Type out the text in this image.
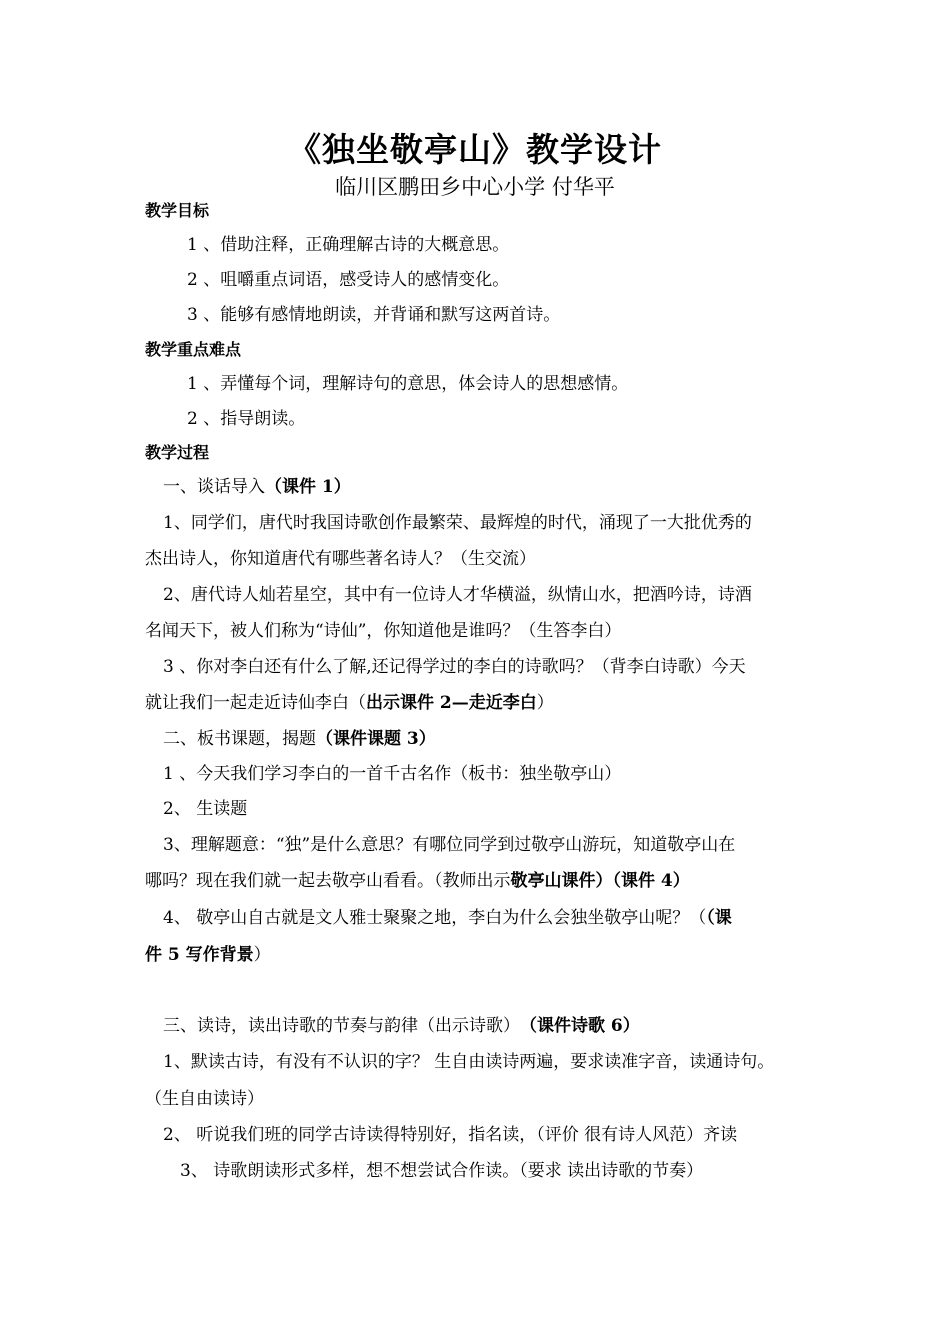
《独坐敬亭山》教学设计
临川区鹏田乡中心小学 付华平
教学目标
1 、借助注释，正确理解古诗的大概意思。
2 、咀嚼重点词语，感受诗人的感情变化。
3 、能够有感情地朗读，并背诵和默写这两首诗。
教学重点难点
1 、弄懂每个词，理解诗句的意思，体会诗人的思想感情。
2 、指导朗读。
教学过程
一、谈话导入（课件 1）
1、同学们，唐代时我国诗歌创作最繁荣、最辉煌的时代，涌现了一大批优秀的
杰出诗人，你知道唐代有哪些著名诗人？（生交流）
2、唐代诗人灿若星空，其中有一位诗人才华横溢，纵情山水，把酒吟诗，诗酒
名闻天下，被人们称为“诗仙”，你知道他是谁吗？（生答李白）
3 、你对李白还有什么了解,还记得学过的李白的诗歌吗？（背李白诗歌）今天
就让我们一起走近诗仙李白（出示课件 2—走近李白）
二、板书课题，揭题（课件课题 3）
1 、今天我们学习李白的一首千古名作（板书：独坐敬亭山）
2、 生读题
3、理解题意：“独”是什么意思？有哪位同学到过敬亭山游玩，知道敬亭山在
哪吗？现在我们就一起去敬亭山看看。（教师出示敬亭山课件）（课件 4）
4、 敬亭山自古就是文人雅士聚聚之地，李白为什么会独坐敬亭山呢？（（课
件 5 写作背景）
三、读诗，读出诗歌的节奏与韵律（出示诗歌）　（课件诗歌 6）
1、默读古诗，有没有不认识的字？ 生自由读诗两遍，要求读准字音，读通诗句。
（生自由读诗）
2、 听说我们班的同学古诗读得特别好，指名读，（评价 很有诗人风范）齐读
3、 诗歌朗读形式多样，想不想尝试合作读。（要求 读出诗歌的节奏）
